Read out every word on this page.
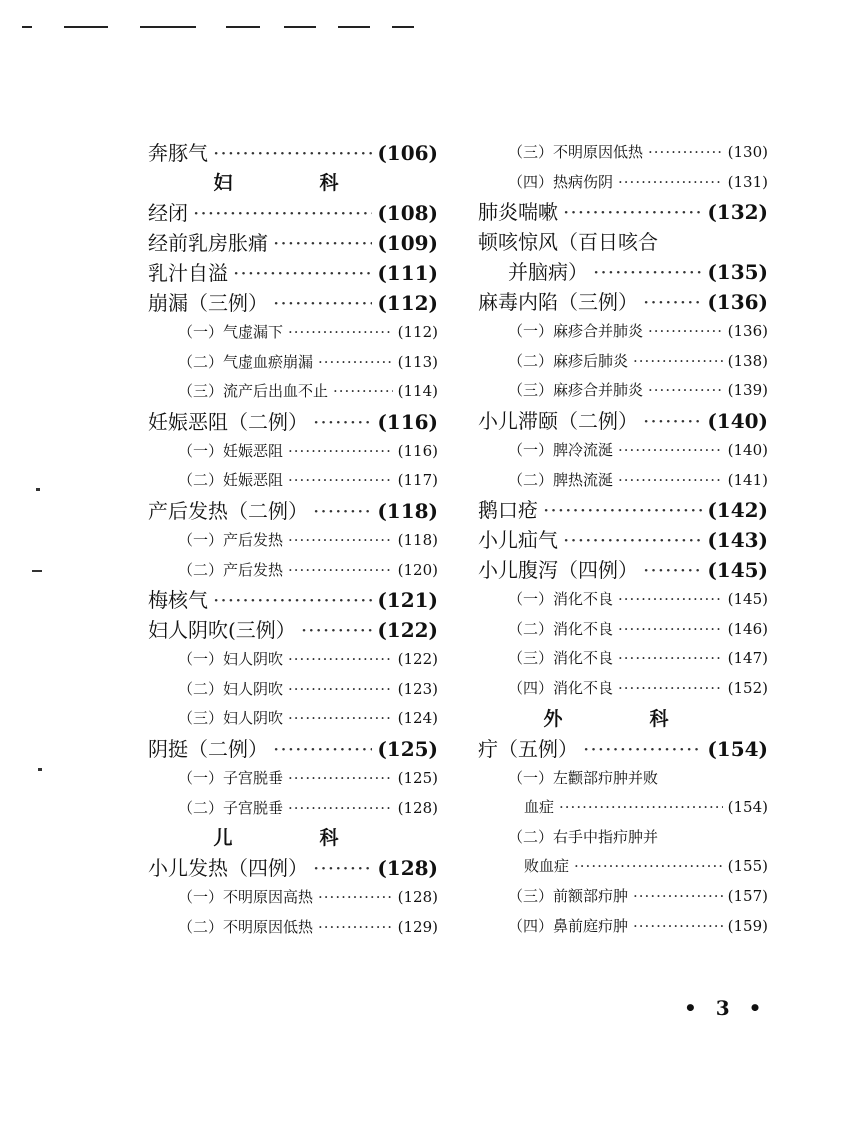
奔豚气 ·····	(106)
妇　科
经闭 ·····	(108)
经前乳房胀痛 ·····	(109)
乳汁自溢 ·····	(111)
崩漏（三例） ·····	(112)
（一）气虚漏下 ·····	(112)
（二）气虚血瘀崩漏 ·····	(113)
（三）流产后出血不止 ·····	(114)
妊娠恶阻（二例） ·····	(116)
（一）妊娠恶阻 ·····	(116)
（二）妊娠恶阻 ·····	(117)
产后发热（二例） ·····	(118)
（一）产后发热 ·····	(118)
（二）产后发热 ·····	(120)
梅核气 ·····	(121)
妇人阴吹(三例） ·····	(122)
（一）妇人阴吹 ·····	(122)
（二）妇人阴吹 ·····	(123)
（三）妇人阴吹 ·····	(124)
阴挺（二例） ·····	(125)
（一）子宫脱垂 ·····	(125)
（二）子宫脱垂 ·····	(128)
儿　科
小儿发热（四例） ·····	(128)
（一）不明原因高热 ·····	(128)
（二）不明原因低热 ·····	(129)
（三）不明原因低热 ·····	(130)
（四）热病伤阴 ·····	(131)
肺炎喘嗽 ·····	(132)
顿咳惊风（百日咳合
并脑病） ·····	(135)
麻毒内陷（三例） ·····	(136)
（一）麻疹合并肺炎 ·····	(136)
（二）麻疹后肺炎 ·····	(138)
（三）麻疹合并肺炎 ·····	(139)
小儿滞颐（二例） ·····	(140)
（一）脾冷流涎 ·····	(140)
（二）脾热流涎 ·····	(141)
鹅口疮 ·····	(142)
小儿疝气 ·····	(143)
小儿腹泻（四例） ·····	(145)
（一）消化不良 ·····	(145)
（二）消化不良 ·····	(146)
（三）消化不良 ·····	(147)
（四）消化不良 ·····	(152)
外　科
疔（五例） ·····	(154)
（一）左颧部疖肿并败
血症 ·····	(154)
（二）右手中指疖肿并
败血症 ·····	(155)
（三）前额部疖肿 ·····	(157)
（四）鼻前庭疖肿 ·····	(159)
• 3 •
